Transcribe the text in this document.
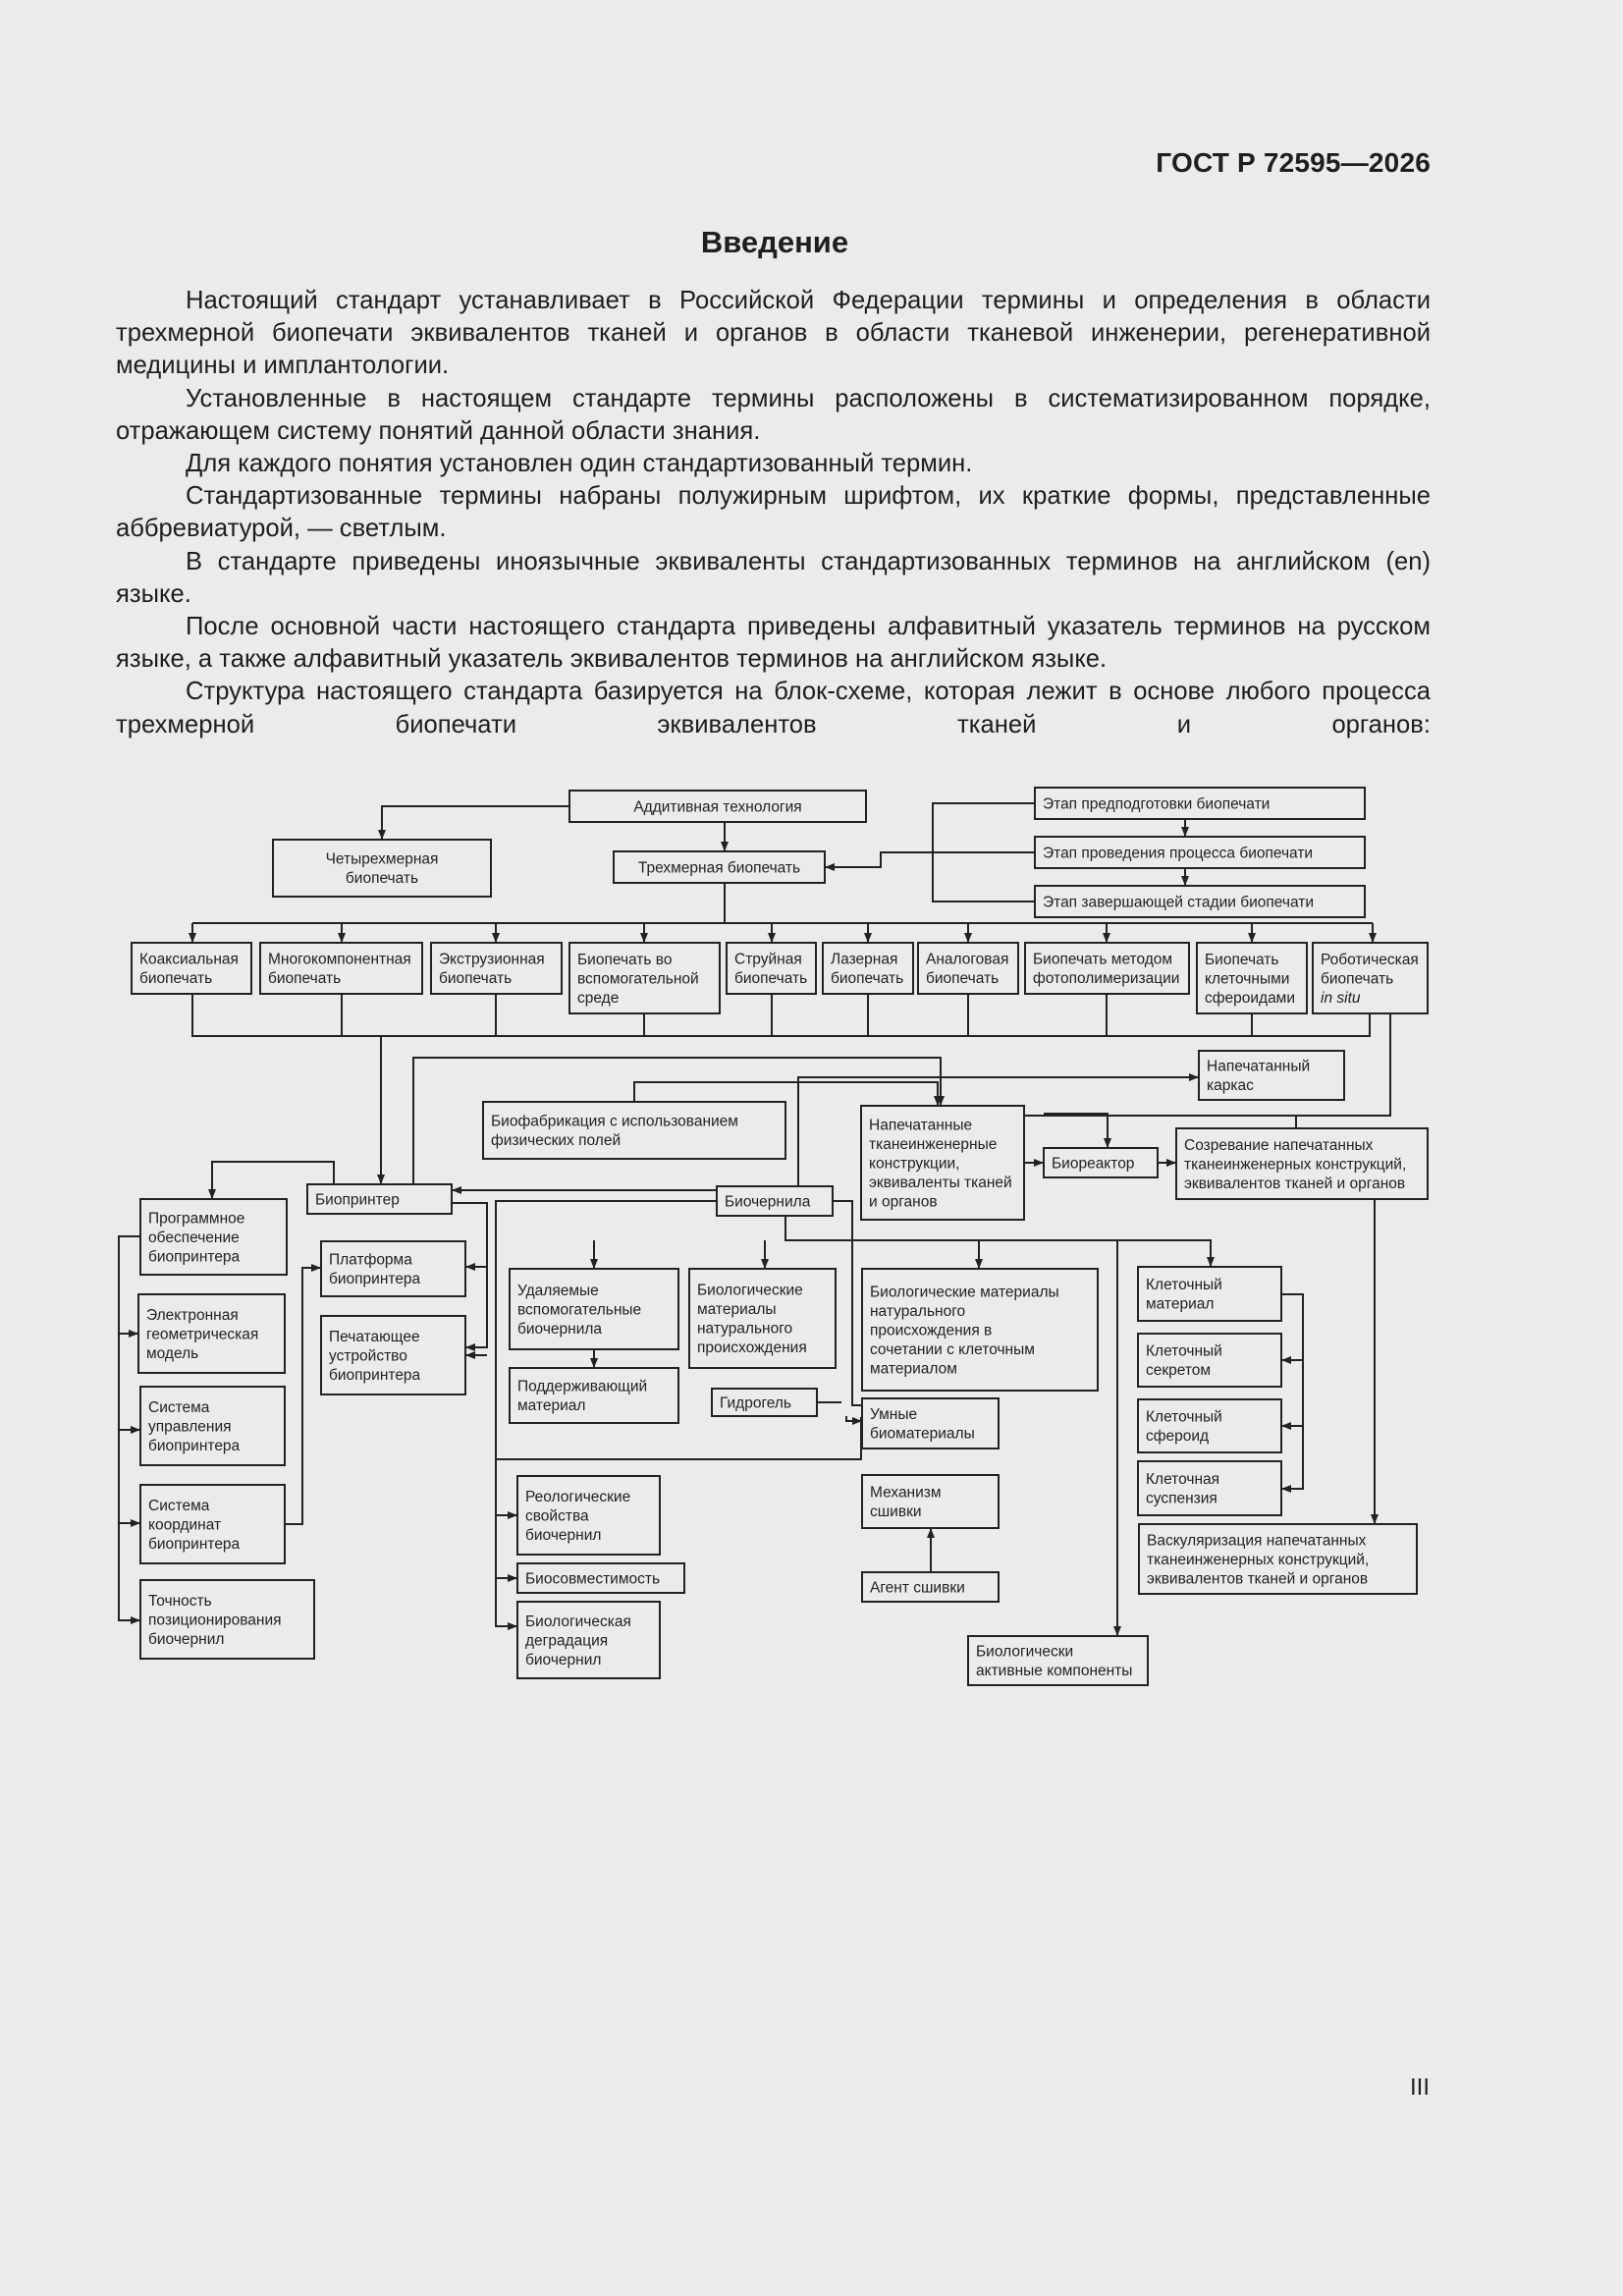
ГОСТ Р 72595—2026
Введение

Настоящий стандарт устанавливает в Российской Федерации термины и определения в области трехмерной биопечати эквивалентов тканей и органов в области тканевой инженерии, регенеративной медицины и имплантологии.

Установленные в настоящем стандарте термины расположены в систематизированном порядке, отражающем систему понятий данной области знания.

Для каждого понятия установлен один стандартизованный термин.

Стандартизованные термины набраны полужирным шрифтом, их краткие формы, представленные аббревиатурой, — светлым.

В стандарте приведены иноязычные эквиваленты стандартизованных терминов на английском (en) языке.

После основной части настоящего стандарта приведены алфавитный указатель терминов на русском языке, а также алфавитный указатель эквивалентов терминов на английском языке.

Структура настоящего стандарта базируется на блок-схеме, которая лежит в основе любого процесса трехмерной биопечати эквивалентов тканей и органов:

Аддитивная технология
Четырехмерная
биопечать
Трехмерная биопечать
Этап предподготовки биопечати
Этап проведения процесса биопечати
Этап завершающей стадии биопечати
Коаксиальная
биопечать
Многокомпонентная
биопечать
Экструзионная
биопечать
Биопечать во
вспомогательной
среде
Струйная
биопечать
Лазерная
биопечать
Аналоговая
биопечать
Биопечать методом
фотополимеризации
Биопечать
клеточными
сфероидами
Роботическая
биопечать
in situ
Напечатанный
каркас
Биофабрикация с использованием
физических полей
Напечатанные
тканеинженерные
конструкции,
эквиваленты тканей
и органов
Биореактор
Созревание напечатанных
тканеинженерных конструкций,
эквивалентов тканей и органов
Биопринтер	Биочернила
Программное
обеспечение
биопринтера	Платформа
биопринтера
Электронная
геометрическая
модель
Печатающее
устройство
биопринтера
Система
управления
биопринтера
Система
координат
биопринтера
Точность
позиционирования
биочернил
Удаляемые
вспомогательные
биочернила
Биологические
материалы
натурального
происхождения
Биологические материалы
натурального
происхождения в
сочетании с клеточным
материалом
Поддерживающий
материал	Гидрогель
Умные
биоматериалы
Реологические
свойства
биочернил
Биосовместимость
Биологическая
деградация
биочернил
Механизм
сшивки
Агент сшивки
Биологически
активные компоненты
Клеточный
материал
Клеточный
секретом
Клеточный
сфероид
Клеточная
суспензия
Васкуляризация напечатанных
тканеинженерных конструкций,
эквивалентов тканей и органов
III
